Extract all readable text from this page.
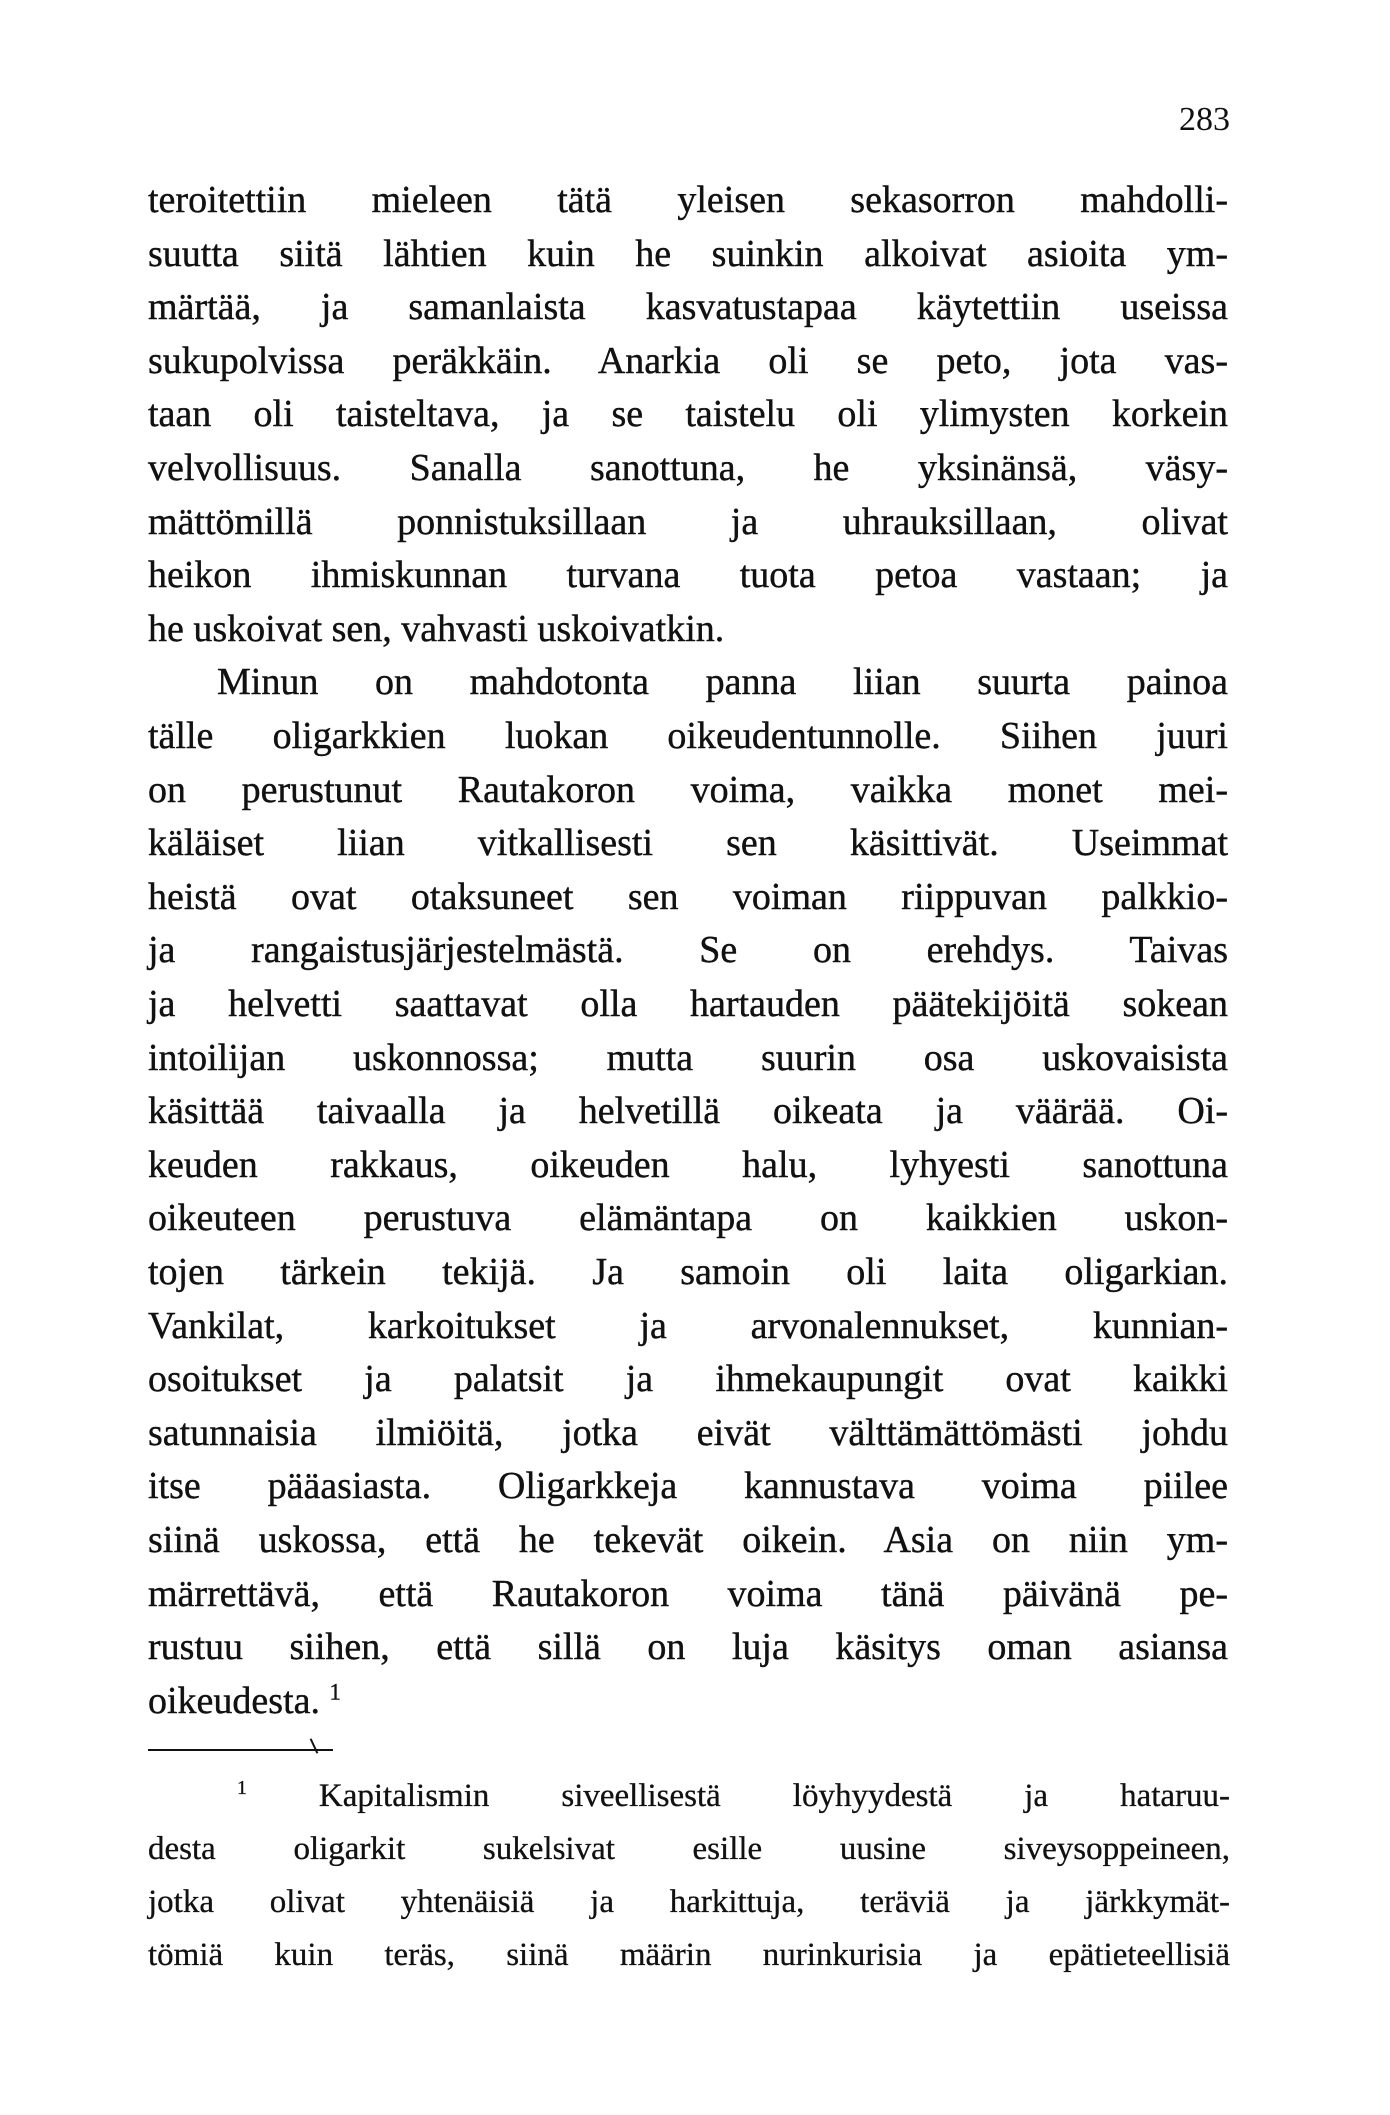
283
teroitettiin mieleen tätä yleisen sekasorron mahdolli-
suutta siitä lähtien kuin he suinkin alkoivat asioita ym-
märtää, ja samanlaista kasvatustapaa käytettiin useissa
sukupolvissa peräkkäin. Anarkia oli se peto, jota vas-
taan oli taisteltava, ja se taistelu oli ylimysten korkein
velvollisuus. Sanalla sanottuna, he yksinänsä, väsy-
mättömillä ponnistuksillaan ja uhrauksillaan, olivat
heikon ihmiskunnan turvana tuota petoa vastaan; ja
he uskoivat sen, vahvasti uskoivatkin.
Minun on mahdotonta panna liian suurta painoa
tälle oligarkkien luokan oikeudentunnolle. Siihen juuri
on perustunut Rautakoron voima, vaikka monet mei-
käläiset liian vitkallisesti sen käsittivät. Useimmat
heistä ovat otaksuneet sen voiman riippuvan palkkio-
ja rangaistusjärjestelmästä. Se on erehdys. Taivas
ja helvetti saattavat olla hartauden päätekijöitä sokean
intoilijan uskonnossa; mutta suurin osa uskovaisista
käsittää taivaalla ja helvetillä oikeata ja väärää. Oi-
keuden rakkaus, oikeuden halu, lyhyesti sanottuna
oikeuteen perustuva elämäntapa on kaikkien uskon-
tojen tärkein tekijä. Ja samoin oli laita oligarkian.
Vankilat, karkoitukset ja arvonalennukset, kunnian-
osoitukset ja palatsit ja ihmekaupungit ovat kaikki
satunnaisia ilmiöitä, jotka eivät välttämättömästi johdu
itse pääasiasta. Oligarkkeja kannustava voima piilee
siinä uskossa, että he tekevät oikein. Asia on niin ym-
märrettävä, että Rautakoron voima tänä päivänä pe-
rustuu siihen, että sillä on luja käsitys oman asiansa
oikeudesta. $^1$
$^1$ Kapitalismin siveellisestä löyhyydestä ja hataruu-
desta oligarkit sukelsivat esille uusine siveysoppeineen,
jotka olivat yhtenäisiä ja harkittuja, teräviä ja järkkymät-
tömiä kuin teräs, siinä määrin nurinkurisia ja epätieteellisiä
